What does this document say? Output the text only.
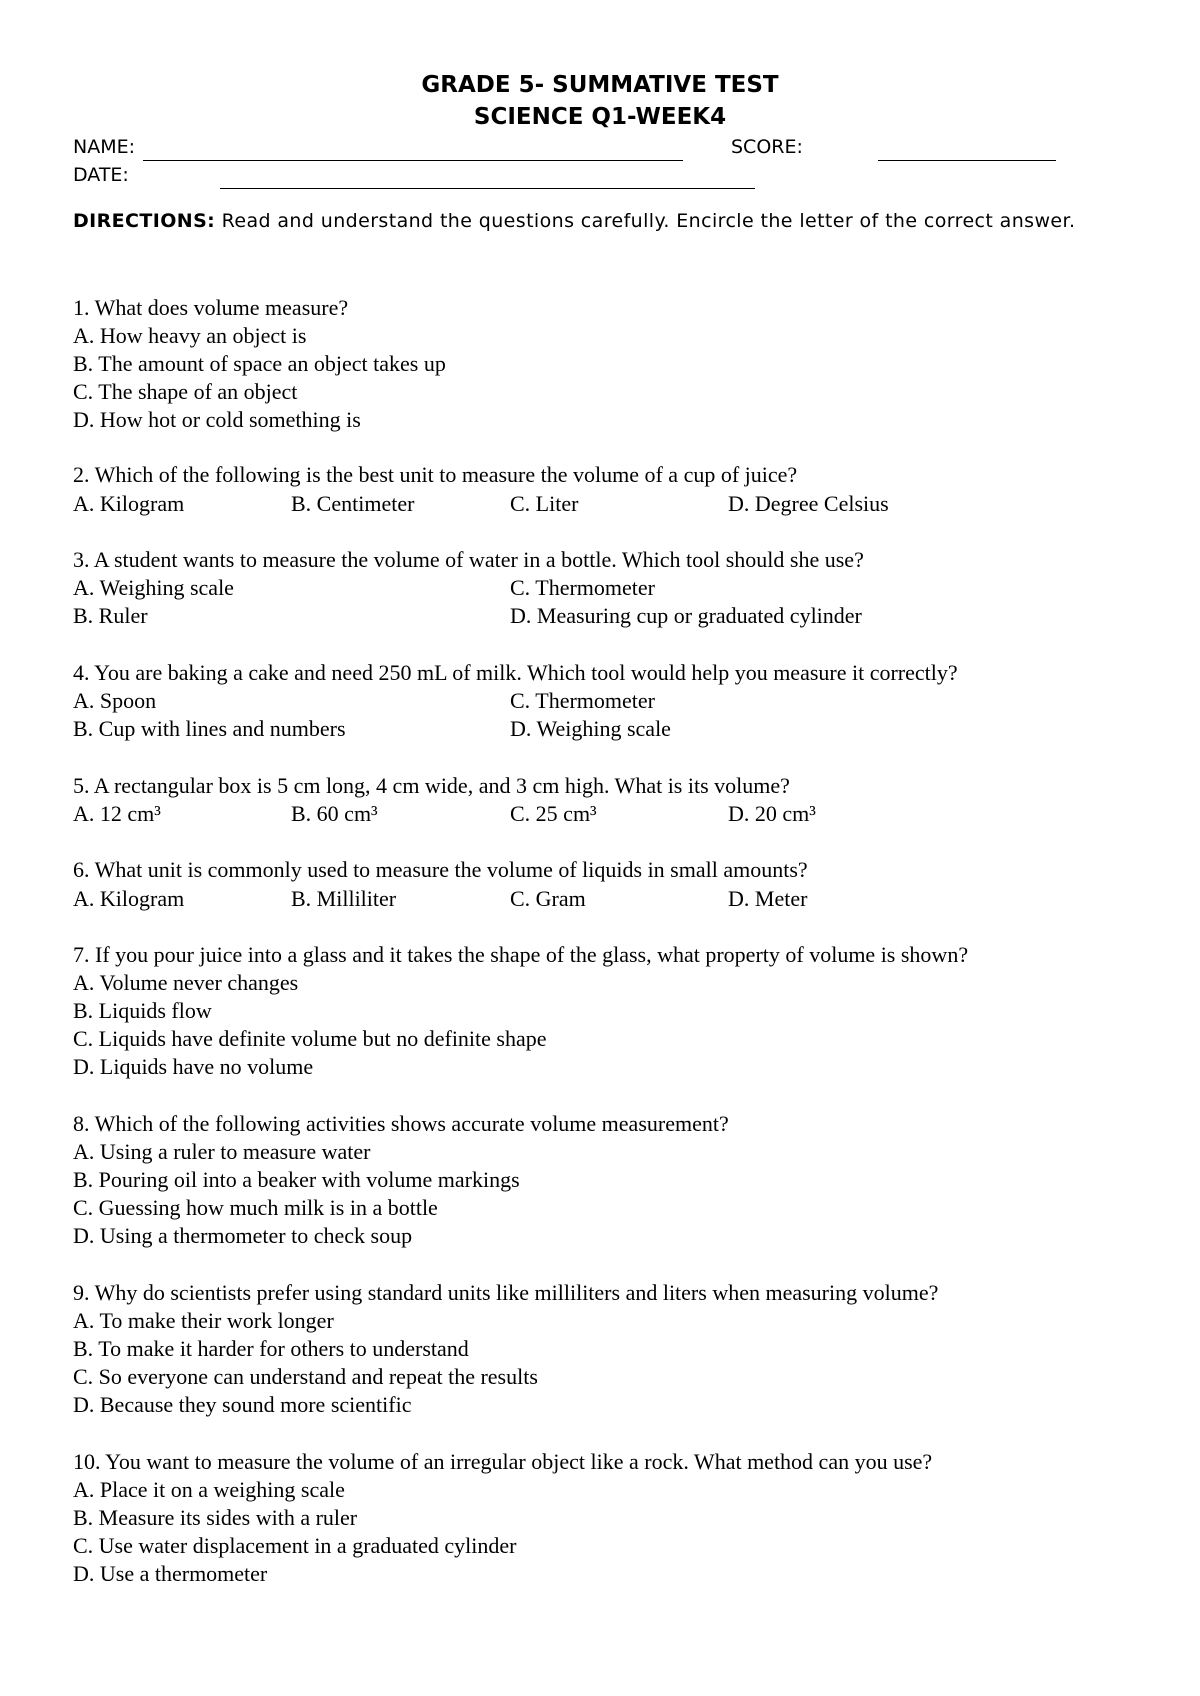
GRADE 5- SUMMATIVE TEST
SCIENCE Q1-WEEK4
NAME:	SCORE:
DATE:
DIRECTIONS: Read and understand the questions carefully. Encircle the letter of the correct answer.
1. What does volume measure?
A. How heavy an object is
B. The amount of space an object takes up
C. The shape of an object
D. How hot or cold something is
2. Which of the following is the best unit to measure the volume of a cup of juice?
A. Kilogram	B. Centimeter	C. Liter	D. Degree Celsius
3. A student wants to measure the volume of water in a bottle. Which tool should she use?
A. Weighing scale	C. Thermometer
B. Ruler	D. Measuring cup or graduated cylinder
4. You are baking a cake and need 250 mL of milk. Which tool would help you measure it correctly?
A. Spoon	C. Thermometer
B. Cup with lines and numbers	D. Weighing scale
5. A rectangular box is 5 cm long, 4 cm wide, and 3 cm high. What is its volume?
A. 12 cm³	B. 60 cm³	C. 25 cm³	D. 20 cm³
6. What unit is commonly used to measure the volume of liquids in small amounts?
A. Kilogram	B. Milliliter	C. Gram	D. Meter
7. If you pour juice into a glass and it takes the shape of the glass, what property of volume is shown?
A. Volume never changes
B. Liquids flow
C. Liquids have definite volume but no definite shape
D. Liquids have no volume
8. Which of the following activities shows accurate volume measurement?
A. Using a ruler to measure water
B. Pouring oil into a beaker with volume markings
C. Guessing how much milk is in a bottle
D. Using a thermometer to check soup
9. Why do scientists prefer using standard units like milliliters and liters when measuring volume?
A. To make their work longer
B. To make it harder for others to understand
C. So everyone can understand and repeat the results
D. Because they sound more scientific
10. You want to measure the volume of an irregular object like a rock. What method can you use?
A. Place it on a weighing scale
B. Measure its sides with a ruler
C. Use water displacement in a graduated cylinder
D. Use a thermometer
